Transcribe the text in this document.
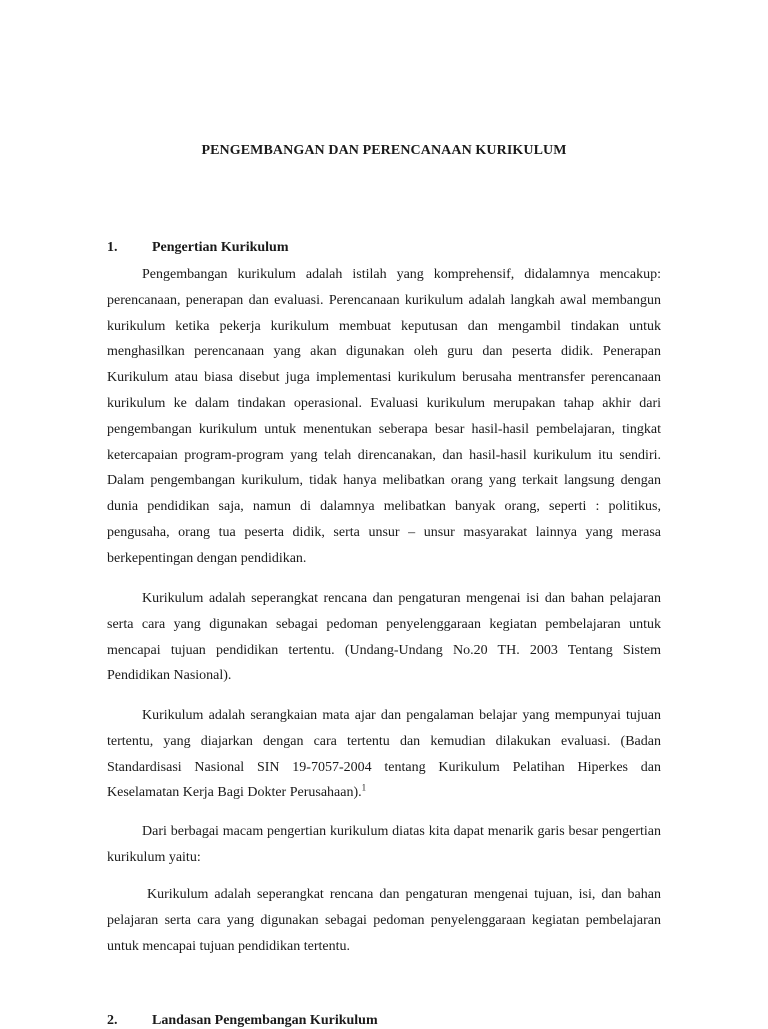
PENGEMBANGAN DAN PERENCANAAN KURIKULUM
1. Pengertian Kurikulum

Pengembangan kurikulum adalah istilah yang komprehensif, didalamnya mencakup: perencanaan, penerapan dan evaluasi. Perencanaan kurikulum adalah langkah awal membangun kurikulum ketika pekerja kurikulum membuat keputusan dan mengambil tindakan untuk menghasilkan perencanaan yang akan digunakan oleh guru dan peserta didik. Penerapan Kurikulum atau biasa disebut juga implementasi kurikulum berusaha mentransfer perencanaan kurikulum ke dalam tindakan operasional. Evaluasi kurikulum merupakan tahap akhir dari pengembangan kurikulum untuk menentukan seberapa besar hasil-hasil pembelajaran, tingkat ketercapaian program-program yang telah direncanakan, dan hasil-hasil kurikulum itu sendiri. Dalam pengembangan kurikulum, tidak hanya melibatkan orang yang terkait langsung dengan dunia pendidikan saja, namun di dalamnya melibatkan banyak orang, seperti : politikus, pengusaha, orang tua peserta didik, serta unsur – unsur masyarakat lainnya yang merasa berkepentingan dengan pendidikan.

Kurikulum adalah seperangkat rencana dan pengaturan mengenai isi dan bahan pelajaran serta cara yang digunakan sebagai pedoman penyelenggaraan kegiatan pembelajaran untuk mencapai tujuan pendidikan tertentu. (Undang-Undang No.20 TH. 2003 Tentang Sistem Pendidikan Nasional).

Kurikulum adalah serangkaian mata ajar dan pengalaman belajar yang mempunyai tujuan tertentu, yang diajarkan dengan cara tertentu dan kemudian dilakukan evaluasi. (Badan Standardisasi Nasional SIN 19-7057-2004 tentang Kurikulum Pelatihan Hiperkes dan Keselamatan Kerja Bagi Dokter Perusahaan).$^1$

Dari berbagai macam pengertian kurikulum diatas kita dapat menarik garis besar pengertian kurikulum yaitu:

Kurikulum adalah seperangkat rencana dan pengaturan mengenai tujuan, isi, dan bahan pelajaran serta cara yang digunakan sebagai pedoman penyelenggaraan kegiatan pembelajaran untuk mencapai tujuan pendidikan tertentu.

2. Landasan Pengembangan Kurikulum
